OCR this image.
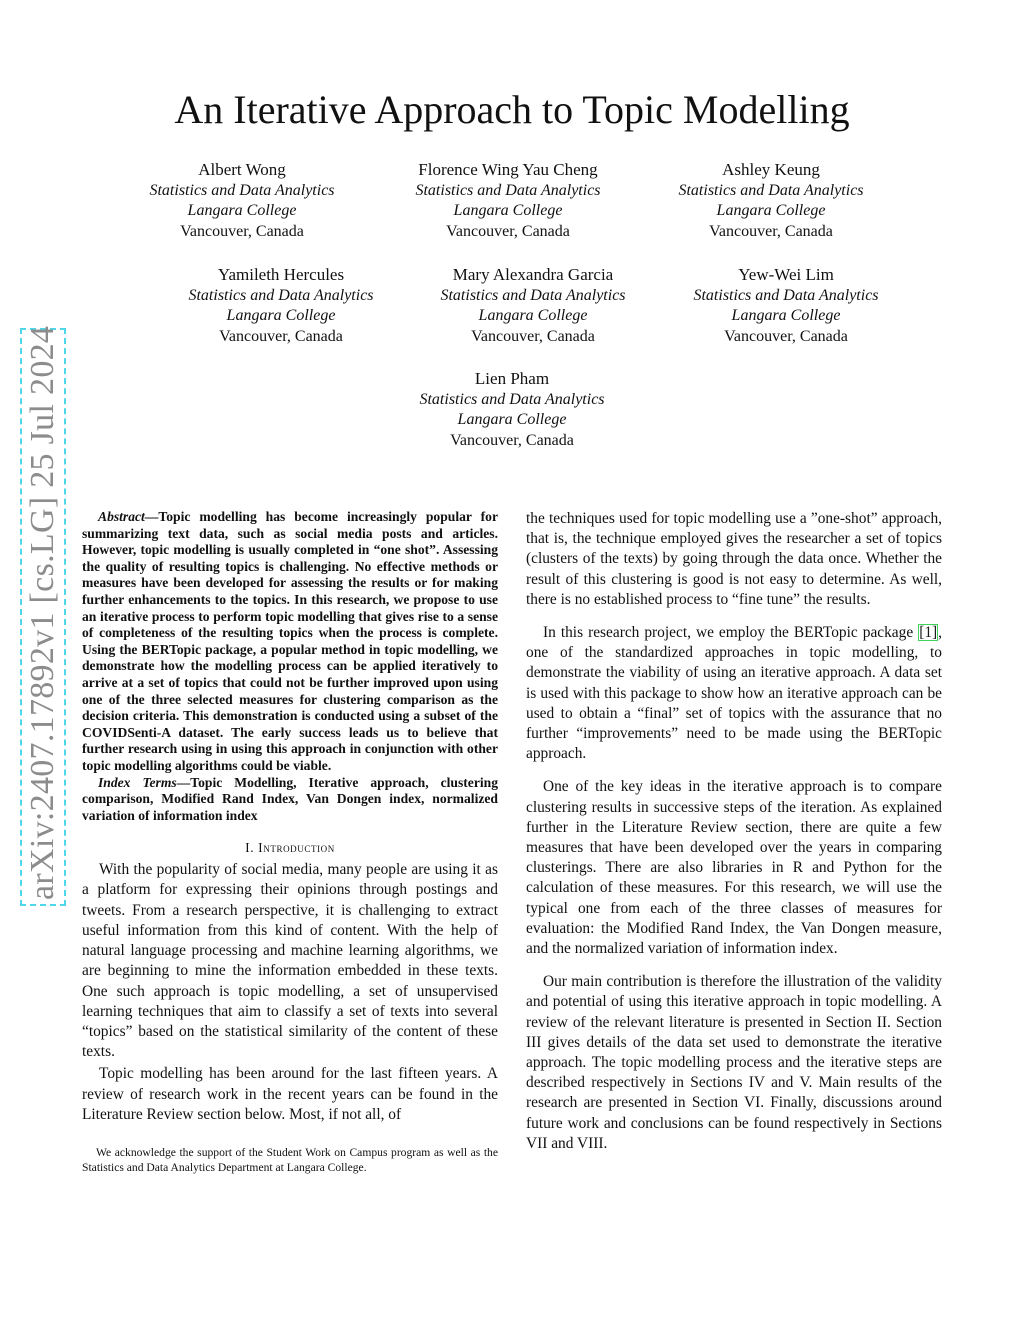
arXiv:2407.17892v1 [cs.LG] 25 Jul 2024
An Iterative Approach to Topic Modelling
Albert Wong
Statistics and Data Analytics
Langara College
Vancouver, Canada
Florence Wing Yau Cheng
Statistics and Data Analytics
Langara College
Vancouver, Canada
Ashley Keung
Statistics and Data Analytics
Langara College
Vancouver, Canada
Yamileth Hercules
Statistics and Data Analytics
Langara College
Vancouver, Canada
Mary Alexandra Garcia
Statistics and Data Analytics
Langara College
Vancouver, Canada
Yew-Wei Lim
Statistics and Data Analytics
Langara College
Vancouver, Canada
Lien Pham
Statistics and Data Analytics
Langara College
Vancouver, Canada

Abstract—Topic modelling has become increasingly popular for summarizing text data, such as social media posts and articles. However, topic modelling is usually completed in “one shot”. Assessing the quality of resulting topics is challenging. No effective methods or measures have been developed for assessing the results or for making further enhancements to the topics. In this research, we propose to use an iterative process to perform topic modelling that gives rise to a sense of completeness of the resulting topics when the process is complete. Using the BERTopic package, a popular method in topic modelling, we demonstrate how the modelling process can be applied iteratively to arrive at a set of topics that could not be further improved upon using one of the three selected measures for clustering comparison as the decision criteria. This demonstration is conducted using a subset of the COVIDSenti-A dataset. The early success leads us to believe that further research using in using this approach in conjunction with other topic modelling algorithms could be viable.

Index Terms—Topic Modelling, Iterative approach, clustering comparison, Modified Rand Index, Van Dongen index, normalized variation of information index

I. Introduction

With the popularity of social media, many people are using it as a platform for expressing their opinions through postings and tweets. From a research perspective, it is challenging to extract useful information from this kind of content. With the help of natural language processing and machine learning algorithms, we are beginning to mine the information embedded in these texts. One such approach is topic modelling, a set of unsupervised learning techniques that aim to classify a set of texts into several “topics” based on the statistical similarity of the content of these texts.

Topic modelling has been around for the last fifteen years. A review of research work in the recent years can be found in the Literature Review section below. Most, if not all, of

We acknowledge the support of the Student Work on Campus program as well as the Statistics and Data Analytics Department at Langara College.

the techniques used for topic modelling use a ”one-shot” approach, that is, the technique employed gives the researcher a set of topics (clusters of the texts) by going through the data once. Whether the result of this clustering is good is not easy to determine. As well, there is no established process to “fine tune” the results.

In this research project, we employ the BERTopic package [1], one of the standardized approaches in topic modelling, to demonstrate the viability of using an iterative approach. A data set is used with this package to show how an iterative approach can be used to obtain a “final” set of topics with the assurance that no further “improvements” need to be made using the BERTopic approach.

One of the key ideas in the iterative approach is to compare clustering results in successive steps of the iteration. As explained further in the Literature Review section, there are quite a few measures that have been developed over the years in comparing clusterings. There are also libraries in R and Python for the calculation of these measures. For this research, we will use the typical one from each of the three classes of measures for evaluation: the Modified Rand Index, the Van Dongen measure, and the normalized variation of information index.

Our main contribution is therefore the illustration of the validity and potential of using this iterative approach in topic modelling. A review of the relevant literature is presented in Section II. Section III gives details of the data set used to demonstrate the iterative approach. The topic modelling process and the iterative steps are described respectively in Sections IV and V. Main results of the research are presented in Section VI. Finally, discussions around future work and conclusions can be found respectively in Sections VII and VIII.
